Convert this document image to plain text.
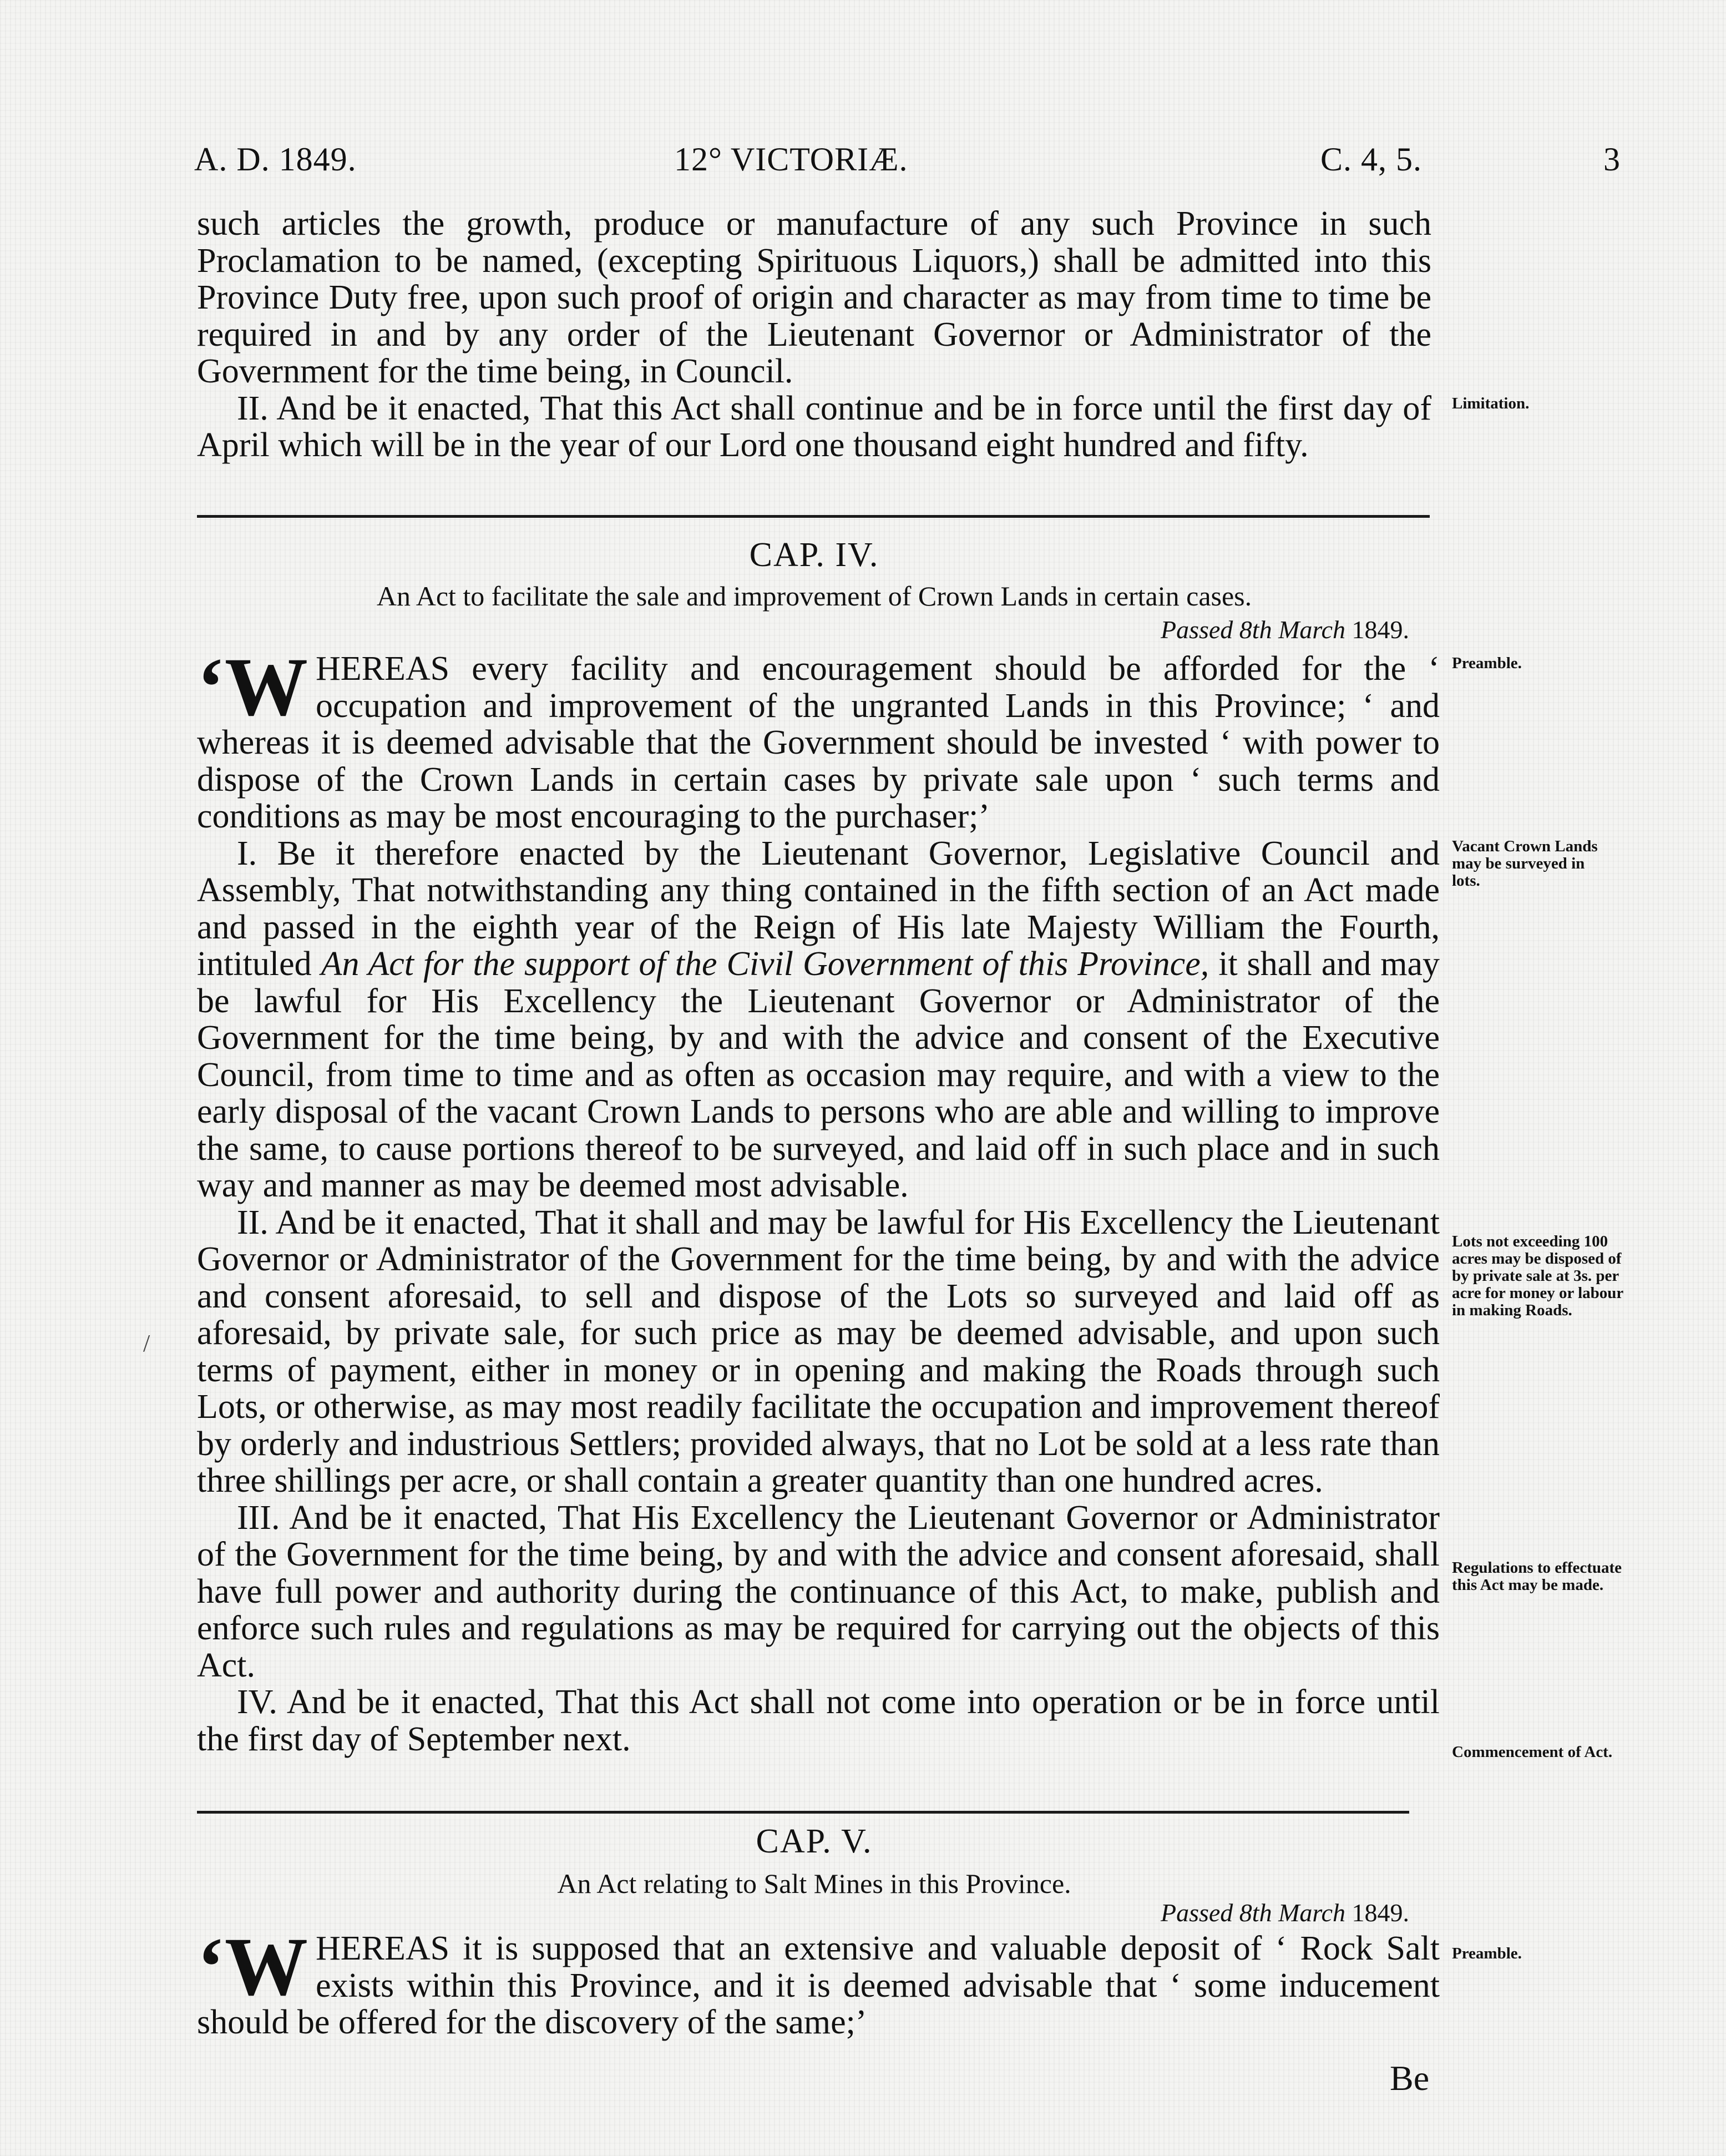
A. D. 1849.	12° VICTORIÆ.	C. 4, 5.	3
such articles the growth, produce or manufacture of any such Province in such Proclamation to be named, (excepting Spirituous Liquors,) shall be admitted into this Province Duty free, upon such proof of origin and character as may from time to time be required in and by any order of the Lieutenant Governor or Administrator of the Government for the time being, in Council.
II. And be it enacted, That this Act shall continue and be in force until the first day of April which will be in the year of our Lord one thousand eight hundred and fifty.
Limitation.
CAP. IV.
An Act to facilitate the sale and improvement of Crown Lands in certain cases.
Passed 8th March 1849.
‘W HEREAS every facility and encouragement should be afforded for the ‘ occupation and improvement of the ungranted Lands in this Province; ‘ and whereas it is deemed advisable that the Government should be invested ‘ with power to dispose of the Crown Lands in certain cases by private sale upon ‘ such terms and conditions as may be most encouraging to the purchaser;’
I. Be it therefore enacted by the Lieutenant Governor, Legislative Council and Assembly, That notwithstanding any thing contained in the fifth section of an Act made and passed in the eighth year of the Reign of His late Majesty William the Fourth, intituled An Act for the support of the Civil Government of this Province, it shall and may be lawful for His Excellency the Lieutenant Governor or Administrator of the Government for the time being, by and with the advice and consent of the Executive Council, from time to time and as often as occasion may require, and with a view to the early disposal of the vacant Crown Lands to persons who are able and willing to improve the same, to cause portions thereof to be surveyed, and laid off in such place and in such way and manner as may be deemed most advisable.
II. And be it enacted, That it shall and may be lawful for His Excellency the Lieutenant Governor or Administrator of the Government for the time being, by and with the advice and consent aforesaid, to sell and dispose of the Lots so surveyed and laid off as aforesaid, by private sale, for such price as may be deemed advisable, and upon such terms of payment, either in money or in opening and making the Roads through such Lots, or otherwise, as may most readily facilitate the occupation and improvement thereof by orderly and industrious Settlers; provided always, that no Lot be sold at a less rate than three shillings per acre, or shall contain a greater quantity than one hundred acres.
III. And be it enacted, That His Excellency the Lieutenant Governor or Administrator of the Government for the time being, by and with the advice and consent aforesaid, shall have full power and authority during the continuance of this Act, to make, publish and enforce such rules and regulations as may be required for carrying out the objects of this Act.
IV. And be it enacted, That this Act shall not come into operation or be in force until the first day of September next.
Preamble.
Vacant Crown Lands may be surveyed in lots.
Lots not exceeding 100 acres may be disposed of by private sale at 3s. per acre for money or labour in making Roads.
Regulations to effectuate this Act may be made.
Commencement of Act.
/
CAP. V.
An Act relating to Salt Mines in this Province.
Passed 8th March 1849.
‘W HEREAS it is supposed that an extensive and valuable deposit of ‘ Rock Salt exists within this Province, and it is deemed advisable that ‘ some inducement should be offered for the discovery of the same;’
Preamble.
Be
